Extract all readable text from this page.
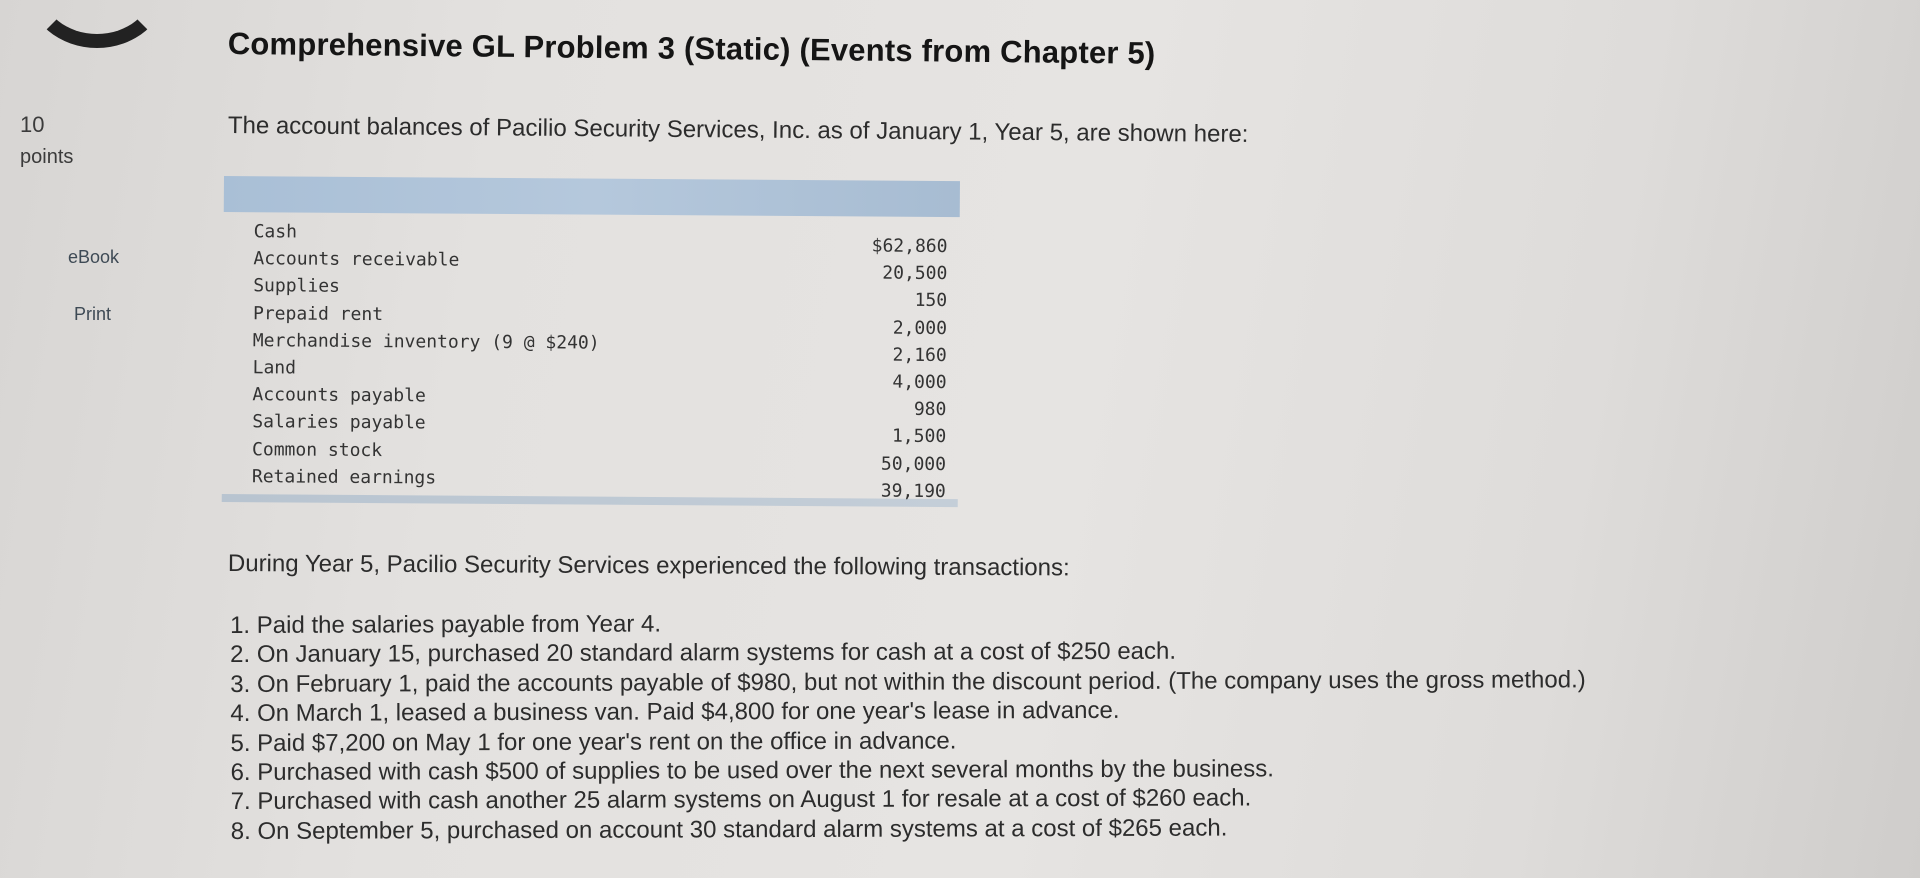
10
points
eBook
Print
Comprehensive GL Problem 3 (Static) (Events from Chapter 5)
The account balances of Pacilio Security Services, Inc. as of January 1, Year 5, are shown here:
Cash
Accounts receivable
Supplies
Prepaid rent
Merchandise inventory (9 @ $240)
Land
Accounts payable
Salaries payable
Common stock
Retained earnings
$62,860
20,500
150
2,000
2,160
4,000
980
1,500
50,000
39,190
During Year 5, Pacilio Security Services experienced the following transactions:
1. Paid the salaries payable from Year 4.
2. On January 15, purchased 20 standard alarm systems for cash at a cost of $250 each.
3. On February 1, paid the accounts payable of $980, but not within the discount period. (The company uses the gross method.)
4. On March 1, leased a business van. Paid $4,800 for one year's lease in advance.
5. Paid $7,200 on May 1 for one year's rent on the office in advance.
6. Purchased with cash $500 of supplies to be used over the next several months by the business.
7. Purchased with cash another 25 alarm systems on August 1 for resale at a cost of $260 each.
8. On September 5, purchased on account 30 standard alarm systems at a cost of $265 each.
